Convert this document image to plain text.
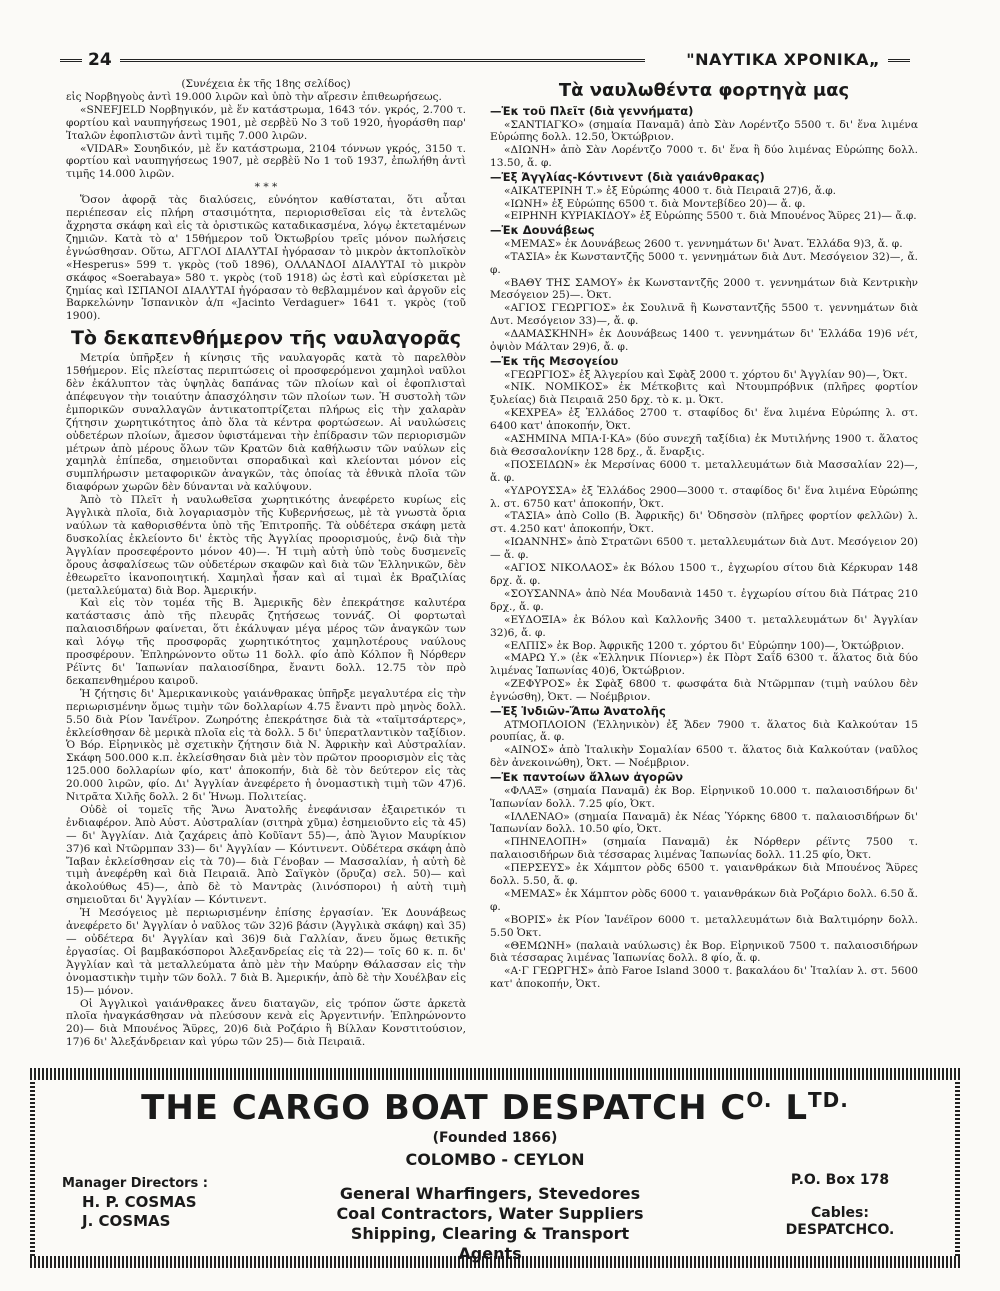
24	"ΝΑΥΤΙΚΑ ΧΡΟΝΙΚΑ„

(Συνέχεια ἐκ τῆς 18ης σελίδος)

εἰς Νορβηγοὺς ἀντὶ 19.000 λιρῶν καὶ ὑπὸ τὴν αἵρεσιν ἐπιθεωρήσεως.

«SNEFJELD Νορβηγικόν, μὲ ἕν κατάστρωμα, 1643 τόν. γκρός, 2.700 τ. φορτίου καὶ ναυπηγήσεως 1901, μὲ σερβὲϋ Νο 3 τοῦ 1920, ἠγοράσθη παρ' Ἰταλῶν ἐφοπλιστῶν ἀντὶ τιμῆς 7.000 λιρῶν.

«VIDAR» Σουηδικόν, μὲ ἕν κατάστρωμα, 2104 τόννων γκρός, 3150 τ. φορτίου καὶ ναυπηγήσεως 1907, μὲ σερβὲϋ Νο 1 τοῦ 1937, ἐπωλήθη ἀντὶ τιμῆς 14.000 λιρῶν.

* * *

Ὅσον ἀφορᾷ τὰς διαλύσεις, εὐνόητον καθίσταται, ὅτι αὗται περιέπεσαν εἰς πλήρη στασιμότητα, περιορισθεῖσαι εἰς τὰ ἐντελῶς ἄχρηστα σκάφη καὶ εἰς τὰ ὁριστικῶς καταδικασμένα, λόγῳ ἐκτεταμένων ζημιῶν. Κατὰ τὸ α' 15θήμερον τοῦ Ὀκτωβρίου τρεῖς μόνον πωλήσεις ἐγνώσθησαν. Οὕτω, ΑΓΓΛΟΙ ΔΙΑΛΥΤΑΙ ἠγόρασαν τὸ μικρὸν ἀκτοπλοϊκὸν «Hesperus» 599 τ. γκρὸς (τοῦ 1896), ΟΛΛΑΝΔΟΙ ΔΙΑΛΥΤΑΙ τὸ μικρὸν σκάφος «Soerabaya» 580 τ. γκρὸς (τοῦ 1918) ὡς ἐστὶ καὶ εὑρίσκεται μὲ ζημίας καὶ ΙΣΠΑΝΟΙ ΔΙΑΛΥΤΑΙ ἠγόρασαν τὸ θεβλαμμένον καὶ ἀργοῦν εἰς Βαρκελώνην Ἰσπανικὸν ἀ/π «Jacinto Verdaguer» 1641 τ. γκρὸς (τοῦ 1900).

Τὸ δεκαπενθήμερον τῆς ναυλαγορᾶς

Μετρία ὑπῆρξεν ἡ κίνησις τῆς ναυλαγορᾶς κατὰ τὸ παρελθὸν 15θήμερον. Εἰς πλείστας περιπτώσεις οἱ προσφερόμενοι χαμηλοὶ ναῦλοι δὲν ἐκάλυπτον τὰς ὑψηλὰς δαπάνας τῶν πλοίων καὶ οἱ ἐφοπλισταὶ ἀπέφευγον τὴν τοιαύτην ἀπασχόλησιν τῶν πλοίων των. Ἡ συστολὴ τῶν ἐμπορικῶν συναλλαγῶν ἀντικατοπτρίζεται πλήρως εἰς τὴν χαλαρὰν ζήτησιν χωρητικότητος ἀπὸ ὅλα τὰ κέντρα φορτώσεων. Αἱ ναυλώσεις οὐδετέρων πλοίων, ἄμεσον ὑφιστάμεναι τὴν ἐπίδρασιν τῶν περιορισμῶν μέτρων ἀπὸ μέρους ὅλων τῶν Κρατῶν διὰ καθήλωσιν τῶν ναύλων εἰς χαμηλὰ ἐπίπεδα, σημειοῦνται σποραδικαὶ καὶ κλείονται μόνον εἰς συμπλήρωσιν μεταφορικῶν ἀναγκῶν, τὰς ὁποίας τὰ ἐθνικὰ πλοῖα τῶν διαφόρων χωρῶν δὲν δύνανται νὰ καλύψουν.

Ἀπὸ τὸ Πλεῖτ ἡ ναυλωθεῖσα χωρητικότης ἀνεφέρετο κυρίως εἰς Ἀγγλικὰ πλοῖα, διὰ λογαριασμὸν τῆς Κυβερνήσεως, μὲ τὰ γνωστὰ ὅρια ναύλων τὰ καθορισθέντα ὑπὸ τῆς Ἐπιτροπῆς. Τὰ οὐδέτερα σκάφη μετὰ δυσκολίας ἐκλείοντο δι' ἐκτὸς τῆς Ἀγγλίας προορισμούς, ἐνῷ διὰ τὴν Ἀγγλίαν προσεφέροντο μόνον 40)—. Ἡ τιμὴ αὐτὴ ὑπὸ τοὺς δυσμενεῖς ὅρους ἀσφαλίσεως τῶν οὐδετέρων σκαφῶν καὶ διὰ τῶν Ἑλληνικῶν, δὲν ἐθεωρεῖτο ἱκανοποιητική. Χαμηλαὶ ἦσαν καὶ αἱ τιμαὶ ἐκ Βραζιλίας (μεταλλεύματα) διὰ Βορ. Ἀμερικήν.

Καὶ εἰς τὸν τομέα τῆς Β. Ἀμερικῆς δὲν ἐπεκράτησε καλυτέρα κατάστασις ἀπὸ τῆς πλευρᾶς ζητήσεως τοννάζ. Οἱ φορτωταὶ παλαιοσιδήρων φαίνεται, ὅτι ἐκάλυψαν μέγα μέρος τῶν ἀναγκῶν των καὶ λόγῳ τῆς προσφορᾶς χωρητικότητος χαμηλοτέρους ναύλους προσφέρουν. Ἐπληρώνοντο οὕτω 11 δολλ. φίο ἀπὸ Κόλπον ἢ Νόρθερν Ρέϊντς δι' Ἰαπωνίαν παλαιοσίδηρα, ἔναντι δολλ. 12.75 τὸν πρὸ δεκαπενθημέρου καιροῦ.

Ἡ ζήτησις δι' Ἀμερικανικοὺς γαιάνθρακας ὑπῆρξε μεγαλυτέρα εἰς τὴν περιωρισμένην ὅμως τιμὴν τῶν δολλαρίων 4.75 ἔναντι πρὸ μηνὸς δολλ. 5.50 διὰ Ρίον Ἰανέϊρον. Ζωηρότης ἐπεκράτησε διὰ τὰ «ταϊμτσάρτερς», ἐκλείσθησαν δὲ μερικὰ πλοῖα εἰς τὰ δολλ. 5 δι' ὑπερατλαντικὸν ταξίδιον. Ὁ Βόρ. Εἰρηνικὸς μὲ σχετικὴν ζήτησιν διὰ Ν. Ἀφρικὴν καὶ Αὐστραλίαν. Σκάφη 500.000 κ.π. ἐκλείσθησαν διὰ μὲν τὸν πρῶτον προορισμὸν εἰς τὰς 125.000 δολλαρίων φίο, κατ' ἀποκοπήν, διὰ δὲ τὸν δεύτερον εἰς τὰς 20.000 λιρῶν, φίο. Δι' Ἀγγλίαν ἀνεφέρετο ἡ ὀνομαστικὴ τιμὴ τῶν 47)6. Νιτρᾶτα Χιλῆς δολλ. 2 δι' Ἡνωμ. Πολιτείας.

Οὐδὲ οἱ τομεῖς τῆς Ἄνω Ἀνατολῆς ἐνεφάνισαν ἐξαιρετικόν τι ἐνδιαφέρον. Ἀπὸ Αὐστ. Αὐστραλίαν (σιτηρὰ χῦμα) ἐσημειοῦντο εἰς τὰ 45)— δι' Ἀγγλίαν. Διὰ ζαχάρεις ἀπὸ Κοῦϊαντ 55)—, ἀπὸ Ἅγιον Μαυρίκιον 37)6 καὶ Ντῶρμπαν 33)— δι' Ἀγγλίαν — Κόντινεντ. Οὐδέτερα σκάφη ἀπὸ Ἴαβαν ἐκλείσθησαν εἰς τὰ 70)— διὰ Γένοβαν — Μασσαλίαν, ἡ αὐτὴ δὲ τιμὴ ἀνεφέρθη καὶ διὰ Πειραιᾶ. Ἀπὸ Σαϊγκὸν (ὄρυζα) σελ. 50)— καὶ ἀκολούθως 45)—, ἀπὸ δὲ τὸ Μαντρὰς (λινόσποροι) ἡ αὐτὴ τιμὴ σημειοῦται δι' Ἀγγλίαν — Κόντινεντ.

Ἡ Μεσόγειος μὲ περιωρισμένην ἐπίσης ἐργασίαν. Ἐκ Δουνάβεως ἀνεφέρετο δι' Ἀγγλίαν ὁ ναῦλος τῶν 32)6 βάσιν (Ἀγγλικὰ σκάφη) καὶ 35)— οὐδέτερα δι' Ἀγγλίαν καὶ 36)9 διὰ Γαλλίαν, ἄνευ ὅμως θετικῆς ἐργασίας. Οἱ βαμβακόσποροι Ἀλεξανδρείας εἰς τὰ 22)— τοῖς 60 κ. π. δι' Ἀγγλίαν καὶ τὰ μεταλλεύματα ἀπὸ μὲν τὴν Μαύρην Θάλασσαν εἰς τὴν ὀνομαστικὴν τιμὴν τῶν δολλ. 7 διὰ Β. Ἀμερικήν, ἀπὸ δὲ τὴν Χουέλβαν εἰς 15)— μόνον.

Οἱ Ἀγγλικοὶ γαιάνθρακες ἄνευ διαταγῶν, εἰς τρόπον ὥστε ἀρκετὰ πλοῖα ἠναγκάσθησαν νὰ πλεύσουν κενὰ εἰς Ἀργεντινήν. Ἐπληρώνοντο 20)— διὰ Μπουένος Ἄϋρες, 20)6 διὰ Ροζάριο ἢ Βίλλαν Κονστιτούσιον, 17)6 δι' Ἀλεξάνδρειαν καὶ γύρω τῶν 25)— διὰ Πειραιᾶ.

Τὰ ναυλωθέντα φορτηγὰ μας
—Ἐκ τοῦ Πλεῖτ (διὰ γεννήματα)

«ΣΑΝΤΙΑΓΚΟ» (σημαία Παναμᾶ) ἀπὸ Σὰν Λορέντζο 5500 τ. δι' ἕνα λιμένα Εὐρώπης δολλ. 12.50, Ὀκτώβριον.

«ΔΙΩΝΗ» ἀπὸ Σὰν Λορέντζο 7000 τ. δι' ἕνα ἢ δύο λιμένας Εὐρώπης δολλ. 13.50, ἄ. φ.

—Ἐξ Ἀγγλίας-Κόντινεντ (διὰ γαιάνθρακας)

«ΑΙΚΑΤΕΡΙΝΗ Τ.» ἐξ Εὐρώπης 4000 τ. διὰ Πειραιᾶ 27)6, ἄ.φ.

«ΙΩΝΗ» ἐξ Εὐρώπης 6500 τ. διὰ Μοντεβίδεο 20)— ἄ. φ.

«ΕΙΡΗΝΗ ΚΥΡΙΑΚΙΔΟΥ» ἐξ Εὐρώπης 5500 τ. διὰ Μπουένος Ἄϋρες 21)— ἄ.φ.

—Ἐκ Δουνάβεως

«ΜΕΜΑΣ» ἐκ Δουνάβεως 2600 τ. γεννημάτων δι' Ἀνατ. Ἑλλάδα 9)3, ἄ. φ.

«ΤΑΣΙΑ» ἐκ Κωνσταντζῆς 5000 τ. γεννημάτων διὰ Δυτ. Μεσόγειον 32)—, ἄ. φ.

«ΒΑΘΥ ΤΗΣ ΣΑΜΟΥ» ἐκ Κωνσταντζῆς 2000 τ. γεννημάτων διὰ Κεντρικὴν Μεσόγειον 25)—. Ὀκτ.

«ΑΓΙΟΣ ΓΕΩΡΓΙΟΣ» ἐκ Σουλινᾶ ἢ Κωνσταντζῆς 5500 τ. γεννημάτων διὰ Δυτ. Μεσόγειον 33)—, ἄ. φ.

«ΔΑΜΑΣΚΗΝΗ» ἐκ Δουνάβεως 1400 τ. γεννημάτων δι' Ἑλλάδα 19)6 νέτ, ὀψιὸν Μάλταν 29)6, ἄ. φ.

—Ἐκ τῆς Μεσογείου

«ΓΕΩΡΓΙΟΣ» ἐξ Ἀλγερίου καὶ Σφὰξ 2000 τ. χόρτου δι' Ἀγγλίαν 90)—, Ὀκτ.

«ΝΙΚ. ΝΟΜΙΚΟΣ» ἐκ Μέτκοβιτς καὶ Ντουμπρόβνικ (πλῆρες φορτίον ξυλείας) διὰ Πειραιᾶ 250 δρχ. τὸ κ. μ. Ὀκτ.

«ΚΕΧΡΕΑ» ἐξ Ἑλλάδος 2700 τ. σταφίδος δι' ἕνα λιμένα Εὐρώπης λ. στ. 6400 κατ' ἀποκοπήν, Ὀκτ.

«ΑΣΗΜΙΝΑ ΜΠΑ·Ι·ΚΑ» (δύο συνεχῆ ταξίδια) ἐκ Μυτιλήνης 1900 τ. ἅλατος διὰ Θεσσαλονίκην 128 δρχ., ἄ. ἔναρξις.

«ΠΟΣΕΙΔΩΝ» ἐκ Μερσίνας 6000 τ. μεταλλευμάτων διὰ Μασσαλίαν 22)—, ἄ. φ.

«ΥΔΡΟΥΣΣΑ» ἐξ Ἑλλάδος 2900—3000 τ. σταφίδος δι' ἕνα λιμένα Εὐρώπης λ. στ. 6750 κατ' ἀποκοπήν, Ὀκτ.

«ΤΑΣΙΑ» ἀπὸ Collo (Β. Ἀφρικῆς) δι' Ὀδησσὸν (πλῆρες φορτίον φελλῶν) λ. στ. 4.250 κατ' ἀποκοπήν, Ὀκτ.

«ΙΩΑΝΝΗΣ» ἀπὸ Στρατῶνι 6500 τ. μεταλλευμάτων διὰ Δυτ. Μεσόγειον 20)— ἄ. φ.

«ΑΓΙΟΣ ΝΙΚΟΛΑΟΣ» ἐκ Βόλου 1500 τ., ἐγχωρίου σίτου διὰ Κέρκυραν 148 δρχ. ἄ. φ.

«ΣΟΥΣΑΝΝΑ» ἀπὸ Νέα Μουδανιὰ 1450 τ. ἐγχωρίου σίτου διὰ Πάτρας 210 δρχ., ἄ. φ.

«ΕΥΔΟΞΙΑ» ἐκ Βόλου καὶ Καλλονῆς 3400 τ. μεταλλευμάτων δι' Ἀγγλίαν 32)6, ἄ. φ.

«ΕΛΠΙΣ» ἐκ Βορ. Ἀφρικῆς 1200 τ. χόρτου δι' Εὐρώπην 100)—, Ὀκτώβριον.

«ΜΑΡΩ Υ.» (ἐκ «Ἑλληνικ Πίονιερ») ἐκ Πὸρτ Σαΐδ 6300 τ. ἅλατος διὰ δύο λιμένας Ἰαπωνίας 40)6, Ὀκτώβριον.

«ΖΕΦΥΡΟΣ» ἐκ Σφὰξ 6800 τ. φωσφάτα διὰ Ντῶρμπαν (τιμὴ ναύλου δὲν ἐγνώσθη), Ὀκτ. — Νοέμβριον.

—Ἐξ Ἰνδιῶν-Ἄπω Ἀνατολῆς

ΑΤΜΟΠΛΟΙΟΝ (Ἑλληνικὸν) ἐξ Ἄδεν 7900 τ. ἅλατος διὰ Καλκούταν 15 ρουπίας, ἄ. φ.

«ΑΙΝΟΣ» ἀπὸ Ἰταλικὴν Σομαλίαν 6500 τ. ἅλατος διὰ Καλκούταν (ναῦλος δὲν ἀνεκοινώθη), Ὀκτ. — Νοέμβριον.

—Ἐκ παντοίων ἄλλων ἀγορῶν

«ΦΛΑΞ» (σημαία Παναμᾶ) ἐκ Βορ. Εἰρηνικοῦ 10.000 τ. παλαιοσιδήρων δι' Ἰαπωνίαν δολλ. 7.25 φίο, Ὀκτ.

«ΙΛΛΕΝΑΟ» (σημαία Παναμᾶ) ἐκ Νέας Ὑόρκης 6800 τ. παλαιοσιδήρων δι' Ἰαπωνίαν δολλ. 10.50 φίο, Ὀκτ.

«ΠΗΝΕΛΟΠΗ» (σημαία Παναμᾶ) ἐκ Νόρθερν ρέϊντς 7500 τ. παλαιοσιδήρων διὰ τέσσαρας λιμένας Ἰαπωνίας δολλ. 11.25 φίο, Ὀκτ.

«ΠΕΡΣΕΥΣ» ἐκ Χάμπτον ρὸδς 6500 τ. γαιανθράκων διὰ Μπουένος Ἄϋρες δολλ. 5.50, ἄ. φ.

«ΜΕΜΑΣ» ἐκ Χάμπτον ρὸδς 6000 τ. γαιανθράκων διὰ Ροζάριο δολλ. 6.50 ἄ. φ.

«ΒΟΡΙΣ» ἐκ Ρίον Ἰανέϊρον 6000 τ. μεταλλευμάτων διὰ Βαλτιμόρην δολλ. 5.50 Ὀκτ.

«ΘΕΜΩΝΗ» (παλαιὰ ναύλωσις) ἐκ Βορ. Εἰρηνικοῦ 7500 τ. παλαιοσιδήρων διὰ τέσσαρας λιμένας Ἰαπωνίας δολλ. 8 φίο, ἄ. φ.

«Α·Γ ΓΕΩΡΓΗΣ» ἀπὸ Faroe Island 3000 τ. βακαλάου δι' Ἰταλίαν λ. στ. 5600 κατ' ἀποκοπήν, Ὀκτ.

THE CARGO BOAT DESPATCH $C^{O.}$ $L^{TD.}$
(Founded 1866)
COLOMBO - CEYLON
Manager Directors :
H. P. COSMAS
J. COSMAS
General Wharfingers, Stevedores
Coal Contractors, Water Suppliers
Shipping, Clearing & Transport Agents
P.O. Box 178
Cables:
DESPATCHCO.
